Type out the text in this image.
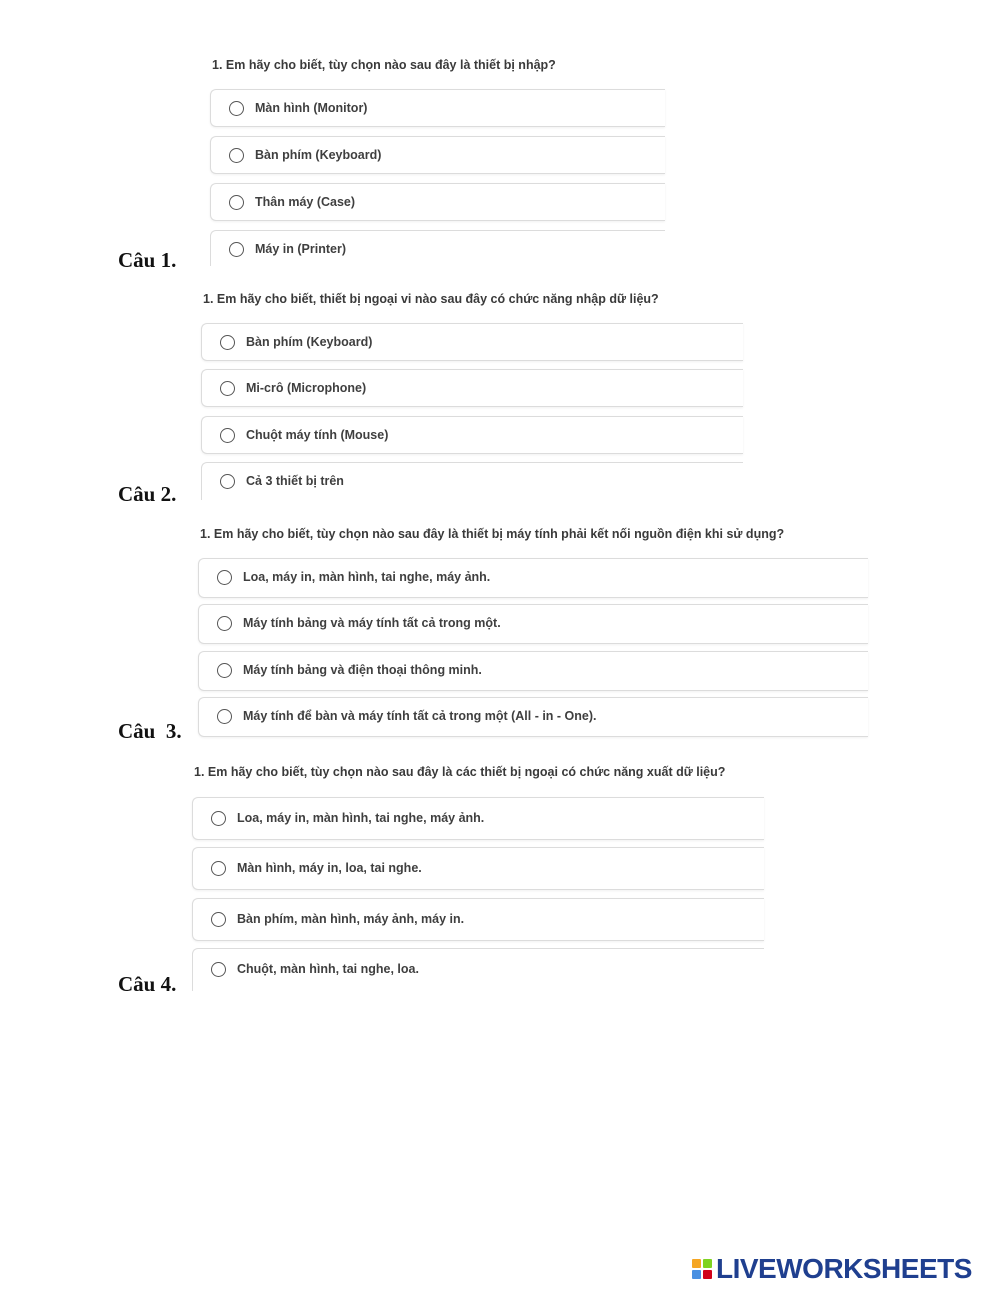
1. Em hãy cho biết, tùy chọn nào sau đây là thiết bị nhập?
Màn hình (Monitor)
Bàn phím (Keyboard)
Thân máy (Case)
Máy in (Printer)
Câu 1.
1. Em hãy cho biết, thiết bị ngoại vi nào sau đây có chức năng nhập dữ liệu?
Bàn phím (Keyboard)
Mi-crô (Microphone)
Chuột máy tính (Mouse)
Cả 3 thiết bị trên
Câu 2.
1. Em hãy cho biết, tùy chọn nào sau đây là thiết bị máy tính phải kết nối nguồn điện khi sử dụng?
Loa, máy in, màn hình, tai nghe, máy ảnh.
Máy tính bảng và máy tính tất cả trong một.
Máy tính bảng và điện thoại thông minh.
Máy tính để bàn và máy tính tất cả trong một (All - in - One).
Câu  3.
1. Em hãy cho biết, tùy chọn nào sau đây là các thiết bị ngoại có chức năng xuất dữ liệu?
Loa, máy in, màn hình, tai nghe, máy ảnh.
Màn hình, máy in, loa, tai nghe.
Bàn phím, màn hình, máy ảnh, máy in.
Chuột, màn hình, tai nghe, loa.
Câu 4.
LIVEWORKSHEETS
